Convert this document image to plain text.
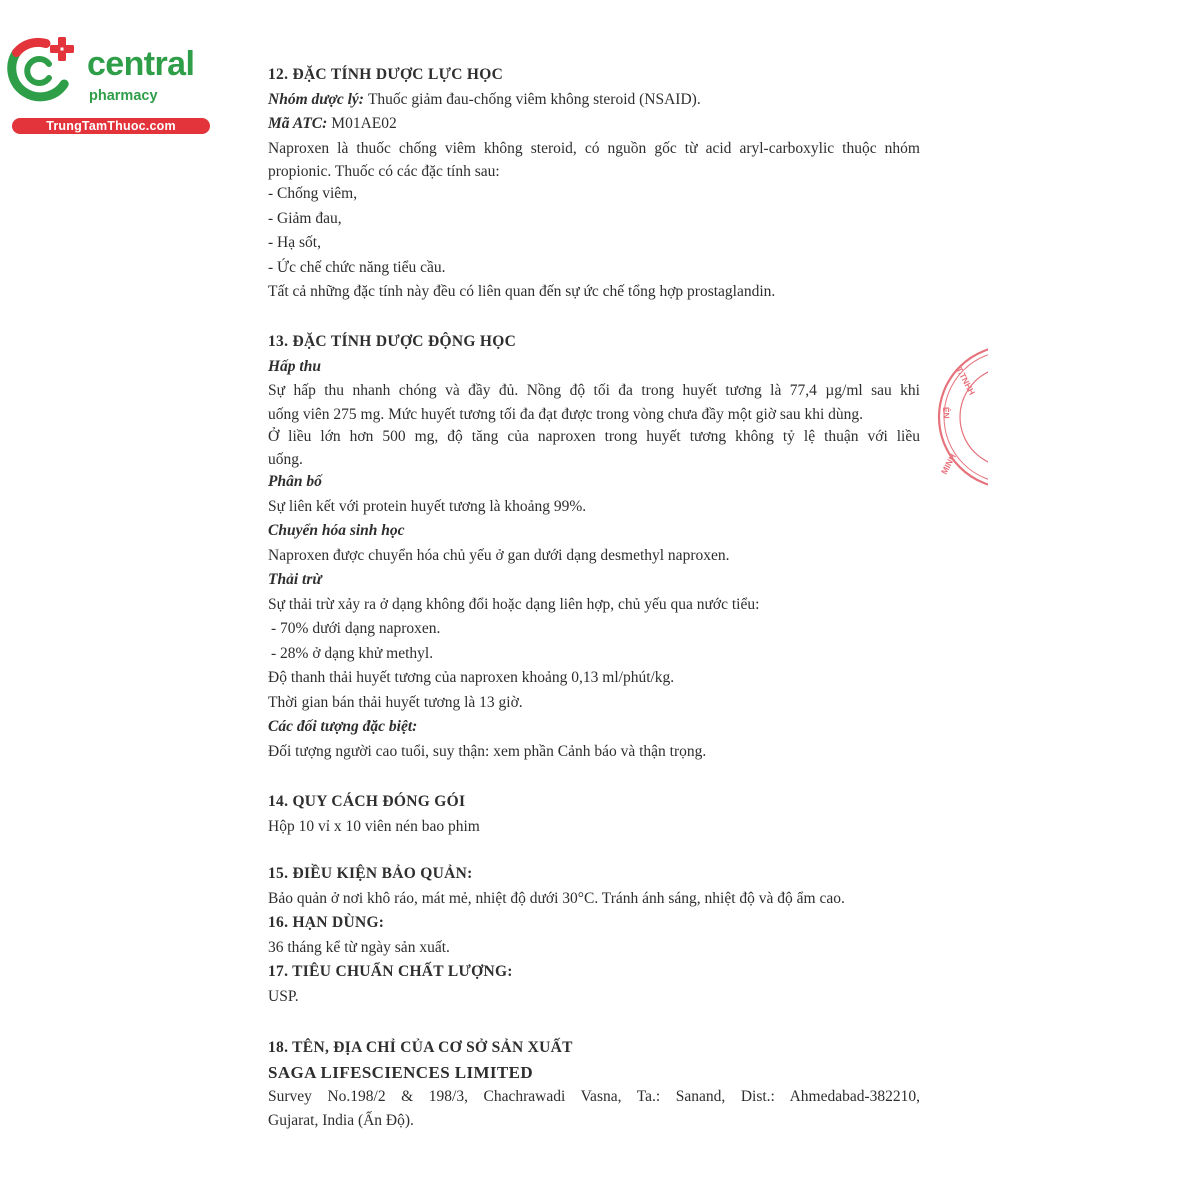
central
pharmacy
TrungTamThuoc.com
12. ĐẶC TÍNH DƯỢC LỰC HỌC
Nhóm dược lý: Thuốc giảm đau-chống viêm không steroid (NSAID).
Mã ATC: M01AE02
Naproxen là thuốc chống viêm không steroid, có nguồn gốc từ acid aryl-carboxylic thuộc nhóm
propionic. Thuốc có các đặc tính sau:
- Chống viêm,
- Giảm đau,
- Hạ sốt,
- Ức chế chức năng tiểu cầu.
Tất cả những đặc tính này đều có liên quan đến sự ức chế tổng hợp prostaglandin.
13. ĐẶC TÍNH DƯỢC ĐỘNG HỌC
Hấp thu
Sự hấp thu nhanh chóng và đầy đủ. Nồng độ tối đa trong huyết tương là 77,4 µg/ml sau khi
uống viên 275 mg. Mức huyết tương tối đa đạt được trong vòng chưa đầy một giờ sau khi dùng.
Ở liều lớn hơn 500 mg, độ tăng của naproxen trong huyết tương không tỷ lệ thuận với liều
uống.
Phân bố
Sự liên kết với protein huyết tương là khoảng 99%.
Chuyển hóa sinh học
Naproxen được chuyển hóa chủ yếu ở gan dưới dạng desmethyl naproxen.
Thải trừ
Sự thải trừ xảy ra ở dạng không đổi hoặc dạng liên hợp, chủ yếu qua nước tiểu:
- 70% dưới dạng naproxen.
- 28% ở dạng khử methyl.
Độ thanh thải huyết tương của naproxen khoảng 0,13 ml/phút/kg.
Thời gian bán thải huyết tương là 13 giờ.
Các đối tượng đặc biệt:
Đối tượng người cao tuổi, suy thận: xem phần Cảnh báo và thận trọng.
14. QUY CÁCH ĐÓNG GÓI
Hộp 10 vỉ x 10 viên nén bao phim
15. ĐIỀU KIỆN BẢO QUẢN:
Bảo quản ở nơi khô ráo, mát mẻ, nhiệt độ dưới 30°C. Tránh ánh sáng, nhiệt độ và độ ẩm cao.
16. HẠN DÙNG:
36 tháng kể từ ngày sản xuất.
17. TIÊU CHUẨN CHẤT LƯỢNG:
USP.
18. TÊN, ĐỊA CHỈ CỦA CƠ SỞ SẢN XUẤT
SAGA LIFESCIENCES LIMITED
Survey No.198/2 & 198/3, Chachrawadi Vasna, Ta.: Sanand, Dist.: Ahmedabad-382210,
Gujarat, India (Ấn Độ).
T.TNHH
ÊN
MINH
